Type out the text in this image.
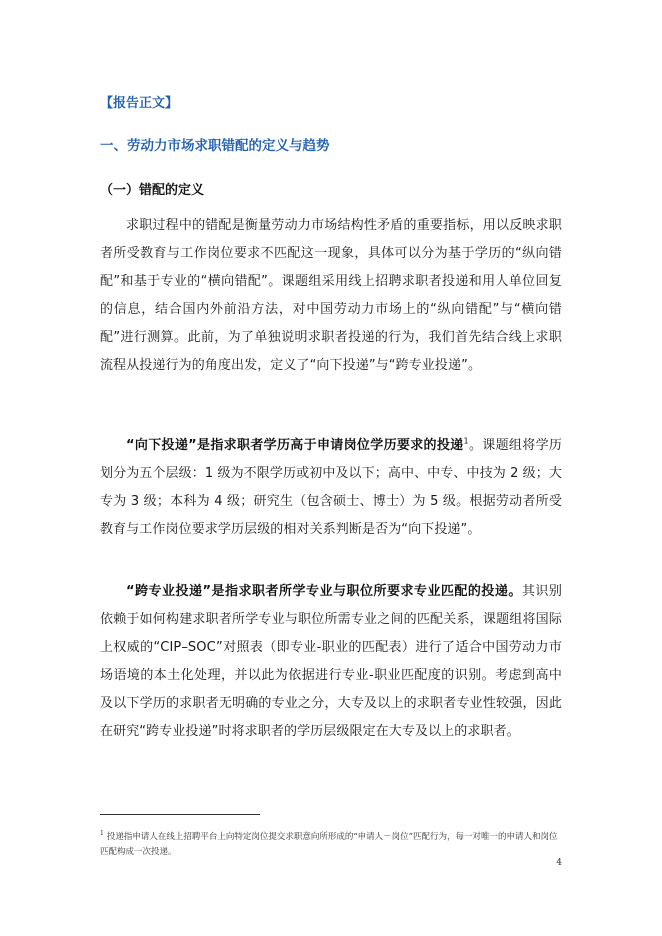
【报告正文】
一、劳动力市场求职错配的定义与趋势
（一）错配的定义

求职过程中的错配是衡量劳动力市场结构性矛盾的重要指标，用以反映求职者所受教育与工作岗位要求不匹配这一现象，具体可以分为基于学历的“纵向错配”和基于专业的“横向错配”。课题组采用线上招聘求职者投递和用人单位回复的信息，结合国内外前沿方法，对中国劳动力市场上的“纵向错配”与“横向错配”进行测算。此前，为了单独说明求职者投递的行为，我们首先结合线上求职流程从投递行为的角度出发，定义了“向下投递”与“跨专业投递”。

“向下投递”是指求职者学历高于申请岗位学历要求的投递$^1$。课题组将学历划分为五个层级：1 级为不限学历或初中及以下；高中、中专、中技为 2 级；大专为 3 级；本科为 4 级；研究生（包含硕士、博士）为 5 级。根据劳动者所受教育与工作岗位要求学历层级的相对关系判断是否为“向下投递”。

“跨专业投递”是指求职者所学专业与职位所要求专业匹配的投递。其识别依赖于如何构建求职者所学专业与职位所需专业之间的匹配关系，课题组将国际上权威的“CIP–SOC”对照表（即专业-职业的匹配表）进行了适合中国劳动力市场语境的本土化处理，并以此为依据进行专业-职业匹配度的识别。考虑到高中及以下学历的求职者无明确的专业之分，大专及以上的求职者专业性较强，因此在研究“跨专业投递”时将求职者的学历层级限定在大专及以上的求职者。

$^1$ 投递指申请人在线上招聘平台上向特定岗位提交求职意向所形成的“申请人－岗位”匹配行为，每一对唯一的申请人和岗位匹配构成一次投递。
4
